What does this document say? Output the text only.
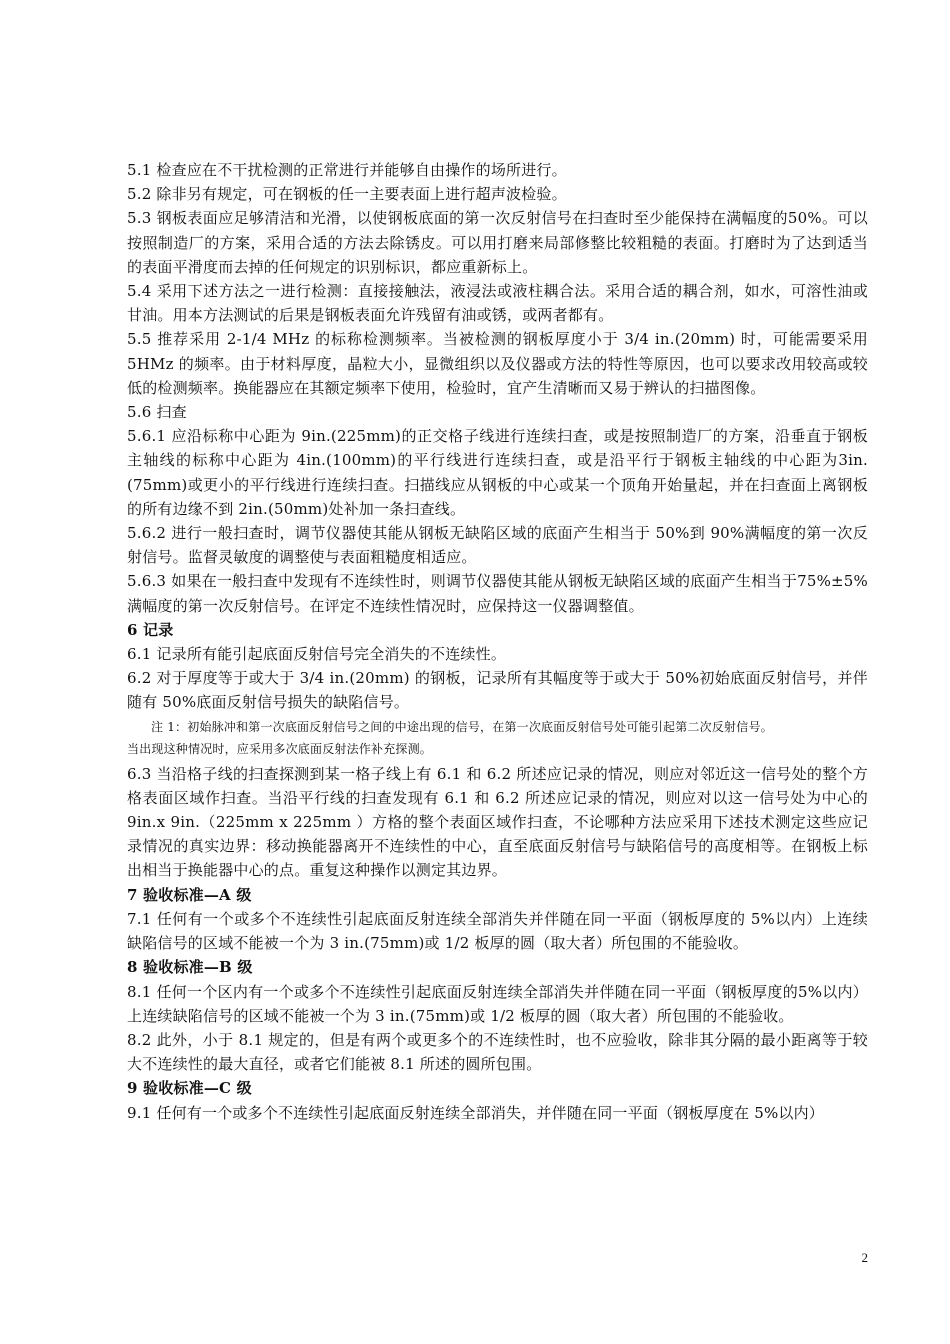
5.1 检查应在不干扰检测的正常进行并能够自由操作的场所进行。

5.2 除非另有规定，可在钢板的任一主要表面上进行超声波检验。

5.3 钢板表面应足够清洁和光滑，以使钢板底面的第一次反射信号在扫查时至少能保持在满幅度的50%。可以按照制造厂的方案，采用合适的方法去除锈皮。可以用打磨来局部修整比较粗糙的表面。打磨时为了达到适当的表面平滑度而去掉的任何规定的识别标识，都应重新标上。

5.4 采用下述方法之一进行检测：直接接触法，液浸法或液柱耦合法。采用合适的耦合剂，如水，可溶性油或甘油。用本方法测试的后果是钢板表面允许残留有油或锈，或两者都有。

5.5 推荐采用 2-1/4 MHz 的标称检测频率。当被检测的钢板厚度小于 3/4 in.(20mm) 时，可能需要采用 5HMz 的频率。由于材料厚度，晶粒大小，显微组织以及仪器或方法的特性等原因，也可以要求改用较高或较低的检测频率。换能器应在其额定频率下使用，检验时，宜产生清晰而又易于辨认的扫描图像。

5.6 扫查

5.6.1 应沿标称中心距为 9in.(225mm)的正交格子线进行连续扫查，或是按照制造厂的方案，沿垂直于钢板主轴线的标称中心距为 4in.(100mm)的平行线进行连续扫查，或是沿平行于钢板主轴线的中心距为3in.(75mm)或更小的平行线进行连续扫查。扫描线应从钢板的中心或某一个顶角开始量起，并在扫查面上离钢板的所有边缘不到 2in.(50mm)处补加一条扫查线。

5.6.2 进行一般扫查时，调节仪器使其能从钢板无缺陷区域的底面产生相当于 50%到 90%满幅度的第一次反射信号。监督灵敏度的调整使与表面粗糙度相适应。

5.6.3 如果在一般扫查中发现有不连续性时，则调节仪器使其能从钢板无缺陷区域的底面产生相当于75%±5%满幅度的第一次反射信号。在评定不连续性情况时，应保持这一仪器调整值。

6 记录

6.1 记录所有能引起底面反射信号完全消失的不连续性。

6.2 对于厚度等于或大于 3/4 in.(20mm) 的钢板，记录所有其幅度等于或大于 50%初始底面反射信号，并伴随有 50%底面反射信号损失的缺陷信号。

注 1：初始脉冲和第一次底面反射信号之间的中途出现的信号，在第一次底面反射信号处可能引起第二次反射信号。

当出现这种情况时，应采用多次底面反射法作补充探测。

6.3 当沿格子线的扫查探测到某一格子线上有 6.1 和 6.2 所述应记录的情况，则应对邻近这一信号处的整个方格表面区域作扫查。当沿平行线的扫查发现有 6.1 和 6.2 所述应记录的情况，则应对以这一信号处为中心的 9in.x 9in.（225mm x 225mm ）方格的整个表面区域作扫查，不论哪种方法应采用下述技术测定这些应记录情况的真实边界：移动换能器离开不连续性的中心，直至底面反射信号与缺陷信号的高度相等。在钢板上标出相当于换能器中心的点。重复这种操作以测定其边界。

7 验收标准—A 级

7.1 任何有一个或多个不连续性引起底面反射连续全部消失并伴随在同一平面（钢板厚度的 5%以内）上连续缺陷信号的区域不能被一个为 3 in.(75mm)或 1/2 板厚的圆（取大者）所包围的不能验收。

8 验收标准—B 级

8.1 任何一个区内有一个或多个不连续性引起底面反射连续全部消失并伴随在同一平面（钢板厚度的5%以内）上连续缺陷信号的区域不能被一个为 3 in.(75mm)或 1/2 板厚的圆（取大者）所包围的不能验收。

8.2 此外，小于 8.1 规定的，但是有两个或更多个的不连续性时，也不应验收，除非其分隔的最小距离等于较大不连续性的最大直径，或者它们能被 8.1 所述的圆所包围。

9 验收标准—C 级

9.1 任何有一个或多个不连续性引起底面反射连续全部消失，并伴随在同一平面（钢板厚度在 5%以内）

2
